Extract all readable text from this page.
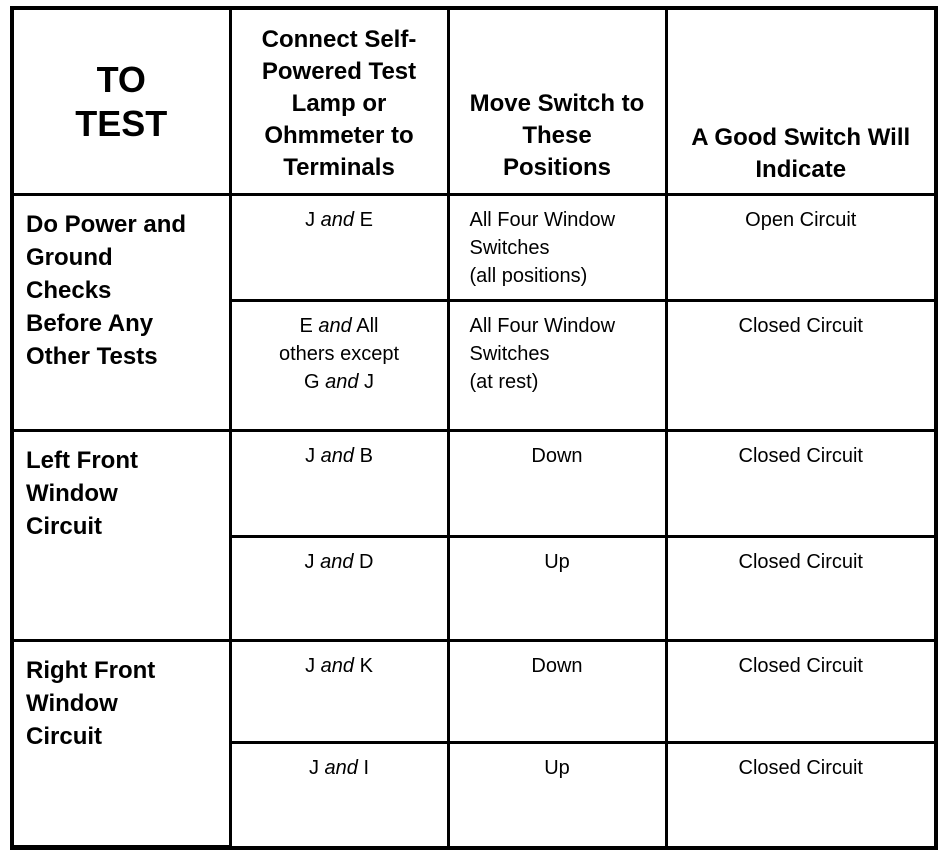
TO TEST	Connect Self-Powered Test Lamp or Ohmmeter to Terminals	Move Switch to These Positions	A Good Switch Will Indicate

Do Power and
Ground
Checks
Before Any
Other Tests	J and E	All Four Window
Switches
(all positions)	Open Circuit

	E and All
others except
G and J	All Four Window
Switches
(at rest)	Closed Circuit

Left Front
Window
Circuit	J and B	Down	Closed Circuit

	J and D	Up	Closed Circuit

Right Front
Window
Circuit	J and K	Down	Closed Circuit

	J and I	Up	Closed Circuit
